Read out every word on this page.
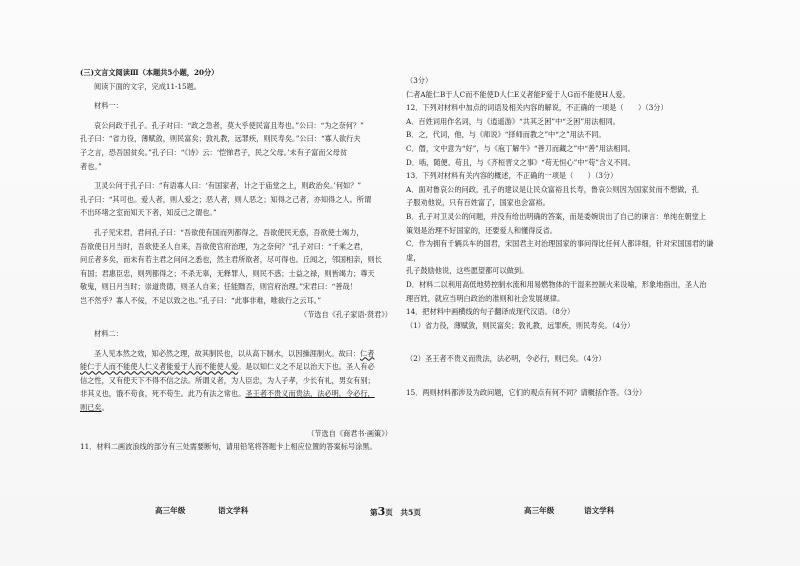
(三)文言文阅读Ⅲ（本题共5小题，20分）

阅读下面的文字，完成11-15题。

材料一：

哀公问政于孔子。孔子对曰：“政之急者，莫大乎使民富且寿也。”公曰：“为之奈何？”

孔子曰：“省力役，薄赋敛，则民富矣；敦礼教，远罪疾，则民寿矣。”公曰：“寡人欲行夫

子之言，恐吾国贫矣。”孔子曰：“《诗》云：‘恺悌君子，民之父母。’未有子富而父母贫

者也。”

卫灵公问于孔子曰：“有语寡人曰：‘有国家者，计之于庙堂之上，则政治矣。’何如？”

孔子曰：“其可也。爱人者，则人爱之；恶人者，则人恶之；知得之己者，亦知得之人。所谓

不出环堵之室而知天下者，知反己之谓也。”

孔子见宋君，君问孔子曰：“吾欲使有国而列都得之，吾欲使民无惑，吾欲使士竭力，

吾欲使日月当时，吾欲使圣人自来，吾欲使官府治理，为之奈何？”孔子对曰：“千乘之君，

问丘者多矣，而未有若主君之问问之悉也，然主君所欲者，尽可得也。丘闻之，邻国相亲，则长

有国；君惠臣忠，则列都得之；不杀无辜，无释罪人，则民不惑；士益之禄，则皆竭力；尊天

敬鬼，则日月当时；崇道贵德，则圣人自来；任能黜否，则官府治理。”宋君曰：“善哉！

岂不然乎？寡人不佞，不足以致之也。”孔子曰：“此事非难，唯欲行之云耳。”

（节选自《孔子家语·贤君》）

材料二：

圣人见本然之效，知必然之理，故其制民也，以从高下制水，以因操涯制火。故曰：仁者

能仁于人而不能使人仁义者能爱于人而不能使人爱。是以知仁义之不足以治天下也。圣人有必

信之性，又有使天下不得不信之法。所谓义者，为人臣忠，为人子孝，少长有礼，男女有别；

非其义也，饿不苟食，死不苟生。此乃有法之常也。圣王者不贵义而贵法，法必明，令必行，

则已矣。

（节选自《商君书·画策》）

11．材料二画波浪线的部分有三处需要断句，请用铅笔将答题卡上相应位置的答案标号涂黑。

（3分）

仁者A能仁B于人C而不能使D人仁E义者能F爱于人G而不能使H人爱。

12．下列对材料中加点的词语及相关内容的解说，不正确的一项是（　　）（3分）

A．百姓词用作名词，与《逍遥游》“共其乏困”中“乏困”用法相同。

B．之，代词，他，与《师说》“择师而教之”中“之”用法不同。

C．僭，文中意为“好”，与《庖丁解牛》“善刀而藏之”中“善”用法相同。

D．啮，随便、苟且，与《齐桓晋文之事》“苟无恒心”中“苟”含义不同。

13．下列对材料有关内容的概述，不正确的一项是（　　）（3分）

A．面对鲁哀公的问政，孔子的建议是让民众富裕且长寿，鲁哀公则因为国家贫而不想做，孔

子服劝他说，只有百姓富了，国家也会富裕。

B．孔子对卫灵公的问题，并没有给出明确的答案，而是委婉说出了自己的谏言：单纯在朝堂上

策划是治理不好国家的，还要爱人和懂得反省。

C．作为拥有千辆兵车的国君，宋国君主对治理国家的事问得比任何人都详细，针对宋国国君的谦虚，

孔子鼓励他说，这些愿望都可以做到。

D．材料二以利用高低地势控制水流和用易燃物体的干湿来控制火来设喻，形象地指出，圣人治

理百姓，就应当明白政治的准则和社会发展规律。

14．把材料中画横线的句子翻译成现代汉语。（8分）

（1）省力役，薄赋敛，则民富矣；敦礼教，远罪疾，则民寿矣。（4分）

（2）圣王者不贵义而贵法，法必明，令必行，则已矣。（4分）

15．两则材料都涉及为政问题，它们的观点有何不同？请概括作答。（3分）

高三年级	语文学科	第3页　共5页	高三年级	语文学科
